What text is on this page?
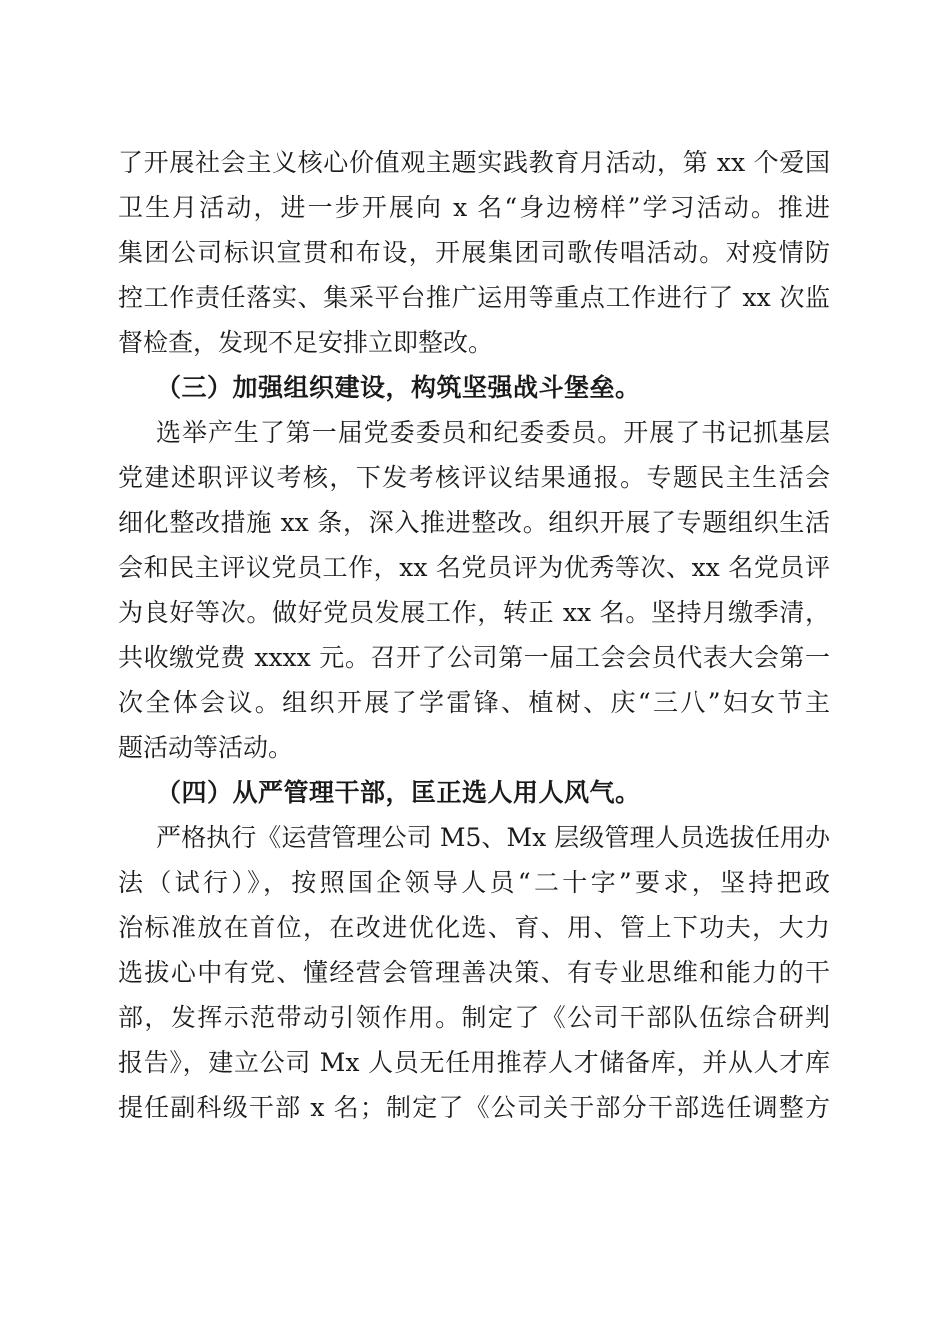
了开展社会主义核心价值观主题实践教育月活动，第 xx 个爱国
卫生月活动，进一步开展向 x 名“身边榜样”学习活动。推进
集团公司标识宣贯和布设，开展集团司歌传唱活动。对疫情防
控工作责任落实、集采平台推广运用等重点工作进行了 xx 次监
督检查，发现不足安排立即整改。
（三）加强组织建设，构筑坚强战斗堡垒。
选举产生了第一届党委委员和纪委委员。开展了书记抓基层
党建述职评议考核，下发考核评议结果通报。专题民主生活会
细化整改措施 xx 条，深入推进整改。组织开展了专题组织生活
会和民主评议党员工作，xx 名党员评为优秀等次、xx 名党员评
为良好等次。做好党员发展工作，转正 xx 名。坚持月缴季清，
共收缴党费 xxxx 元。召开了公司第一届工会会员代表大会第一
次全体会议。组织开展了学雷锋、植树、庆“三八”妇女节主
题活动等活动。
（四）从严管理干部，匡正选人用人风气。
严格执行《运营管理公司 M5、Mx 层级管理人员选拔任用办
法（试行）》，按照国企领导人员“二十字”要求，坚持把政
治标准放在首位，在改进优化选、育、用、管上下功夫，大力
选拔心中有党、懂经营会管理善决策、有专业思维和能力的干
部，发挥示范带动引领作用。制定了《公司干部队伍综合研判
报告》，建立公司 Mx 人员无任用推荐人才储备库，并从人才库
提任副科级干部 x 名；制定了《公司关于部分干部选任调整方
